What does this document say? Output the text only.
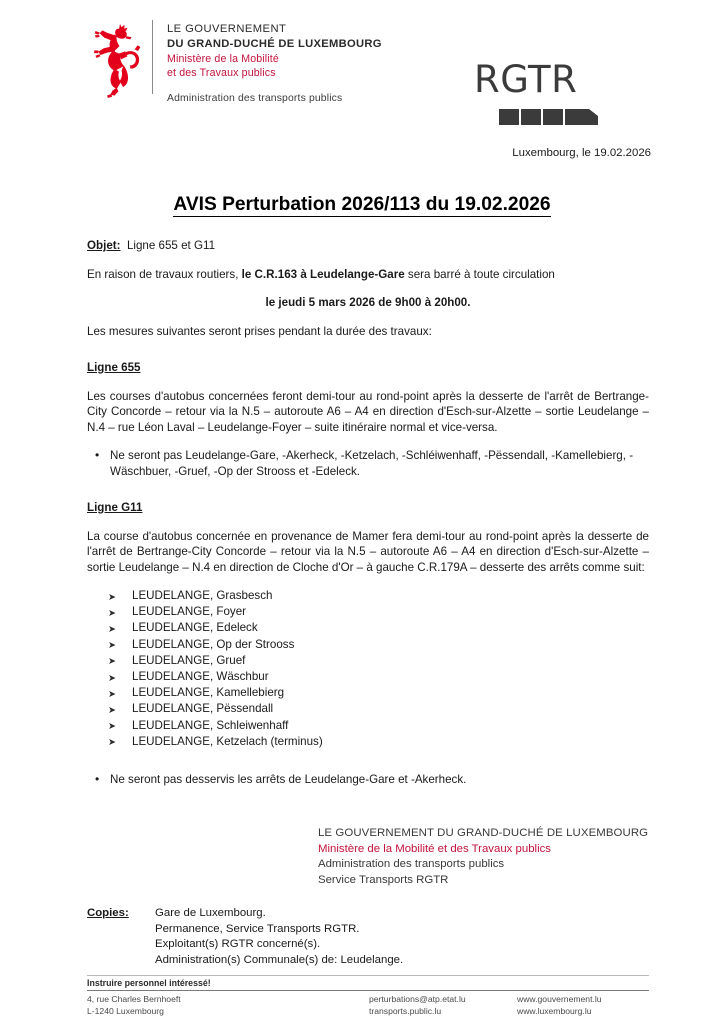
LE GOUVERNEMENT
DU GRAND-DUCHÉ DE LUXEMBOURG
Ministère de la Mobilité
et des Travaux publics
Administration des transports publics	RGTR
Luxembourg, le 19.02.2026
AVIS Perturbation 2026/113 du 19.02.2026
Objet: Ligne 655 et G11

En raison de travaux routiers, le C.R.163 à Leudelange-Gare sera barré à toute circulation

le jeudi 5 mars 2026 de 9h00 à 20h00.

Les mesures suivantes seront prises pendant la durée des travaux:

Ligne 655

Les courses d'autobus concernées feront demi-tour au rond-point après la desserte de l'arrêt de Bertrange-City Concorde – retour via la N.5 – autoroute A6 – A4 en direction d'Esch-sur-Alzette – sortie Leudelange – N.4 – rue Léon Laval – Leudelange-Foyer – suite itinéraire normal et vice-versa.

• Ne seront pas Leudelange-Gare, -Akerheck, -Ketzelach, -Schléiwenhaff, -Pëssendall, -Kamellebierg, -Wäschbuer, -Gruef, -Op der Strooss et -Edeleck.
Ligne G11

La course d'autobus concernée en provenance de Mamer fera demi-tour au rond-point après la desserte de l'arrêt de Bertrange-City Concorde – retour via la N.5 – autoroute A6 – A4 en direction d'Esch-sur-Alzette – sortie Leudelange – N.4 en direction de Cloche d'Or – à gauche C.R.179A – desserte des arrêts comme suit:

➤ LEUDELANGE, Grasbesch
➤ LEUDELANGE, Foyer
➤ LEUDELANGE, Edeleck
➤ LEUDELANGE, Op der Strooss
➤ LEUDELANGE, Gruef
➤ LEUDELANGE, Wäschbur
➤ LEUDELANGE, Kamellebierg
➤ LEUDELANGE, Pëssendall
➤ LEUDELANGE, Schleiwenhaff
➤ LEUDELANGE, Ketzelach (terminus)
• Ne seront pas desservis les arrêts de Leudelange-Gare et -Akerheck.
LE GOUVERNEMENT DU GRAND-DUCHÉ DE LUXEMBOURG
Ministère de la Mobilité et des Travaux publics
Administration des transports publics
Service Transports RGTR
Copies: Gare de Luxembourg.
Permanence, Service Transports RGTR.
Exploitant(s) RGTR concerné(s).
Administration(s) Communale(s) de: Leudelange.
Instruire personnel intéressé!
4, rue Charles Bernhoeft
L-1240 Luxembourg
perturbations@atp.etat.lu
transports.public.lu
www.gouvernement.lu
www.luxembourg.lu
